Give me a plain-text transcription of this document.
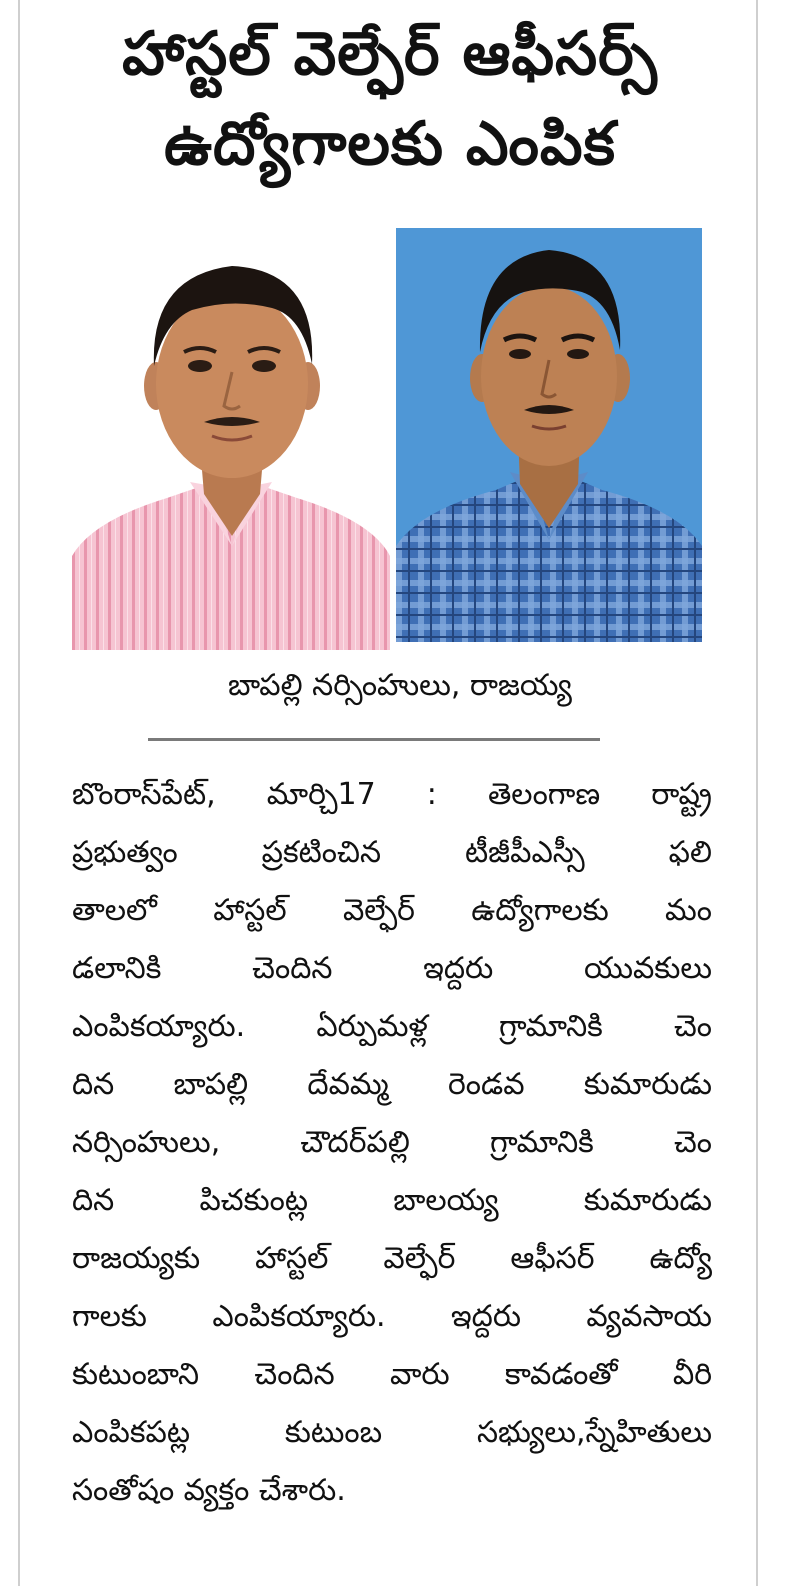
హాస్టల్ వెల్ఫేర్ ఆఫీసర్స్
ఉద్యోగాలకు ఎంపిక
బాపల్లి నర్సింహులు, రాజయ్య
బొంరాస్‌పేట్, మార్చి17 : తెలంగాణ రాష్ట్ర
ప్రభుత్వం ప్రకటించిన టీజీపీఎస్సీ ఫలి
తాలలో హాస్టల్ వెల్ఫేర్ ఉద్యోగాలకు మం
డలానికి చెందిన ఇద్దరు యువకులు
ఎంపికయ్యారు. ఏర్పుమళ్ల గ్రామానికి చెం
దిన బాపల్లి దేవమ్మ రెండవ కుమారుడు
నర్సింహులు, చౌదర్‌పల్లి గ్రామానికి చెం
దిన పిచకుంట్ల బాలయ్య కుమారుడు
రాజయ్యకు హాస్టల్ వెల్ఫేర్ ఆఫీసర్ ఉద్యో
గాలకు ఎంపికయ్యారు. ఇద్దరు వ్యవసాయ
కుటుంబాని చెందిన వారు కావడంతో వీరి
ఎంపికపట్ల కుటుంబ సభ్యులు,స్నేహితులు
సంతోషం వ్యక్తం చేశారు.
